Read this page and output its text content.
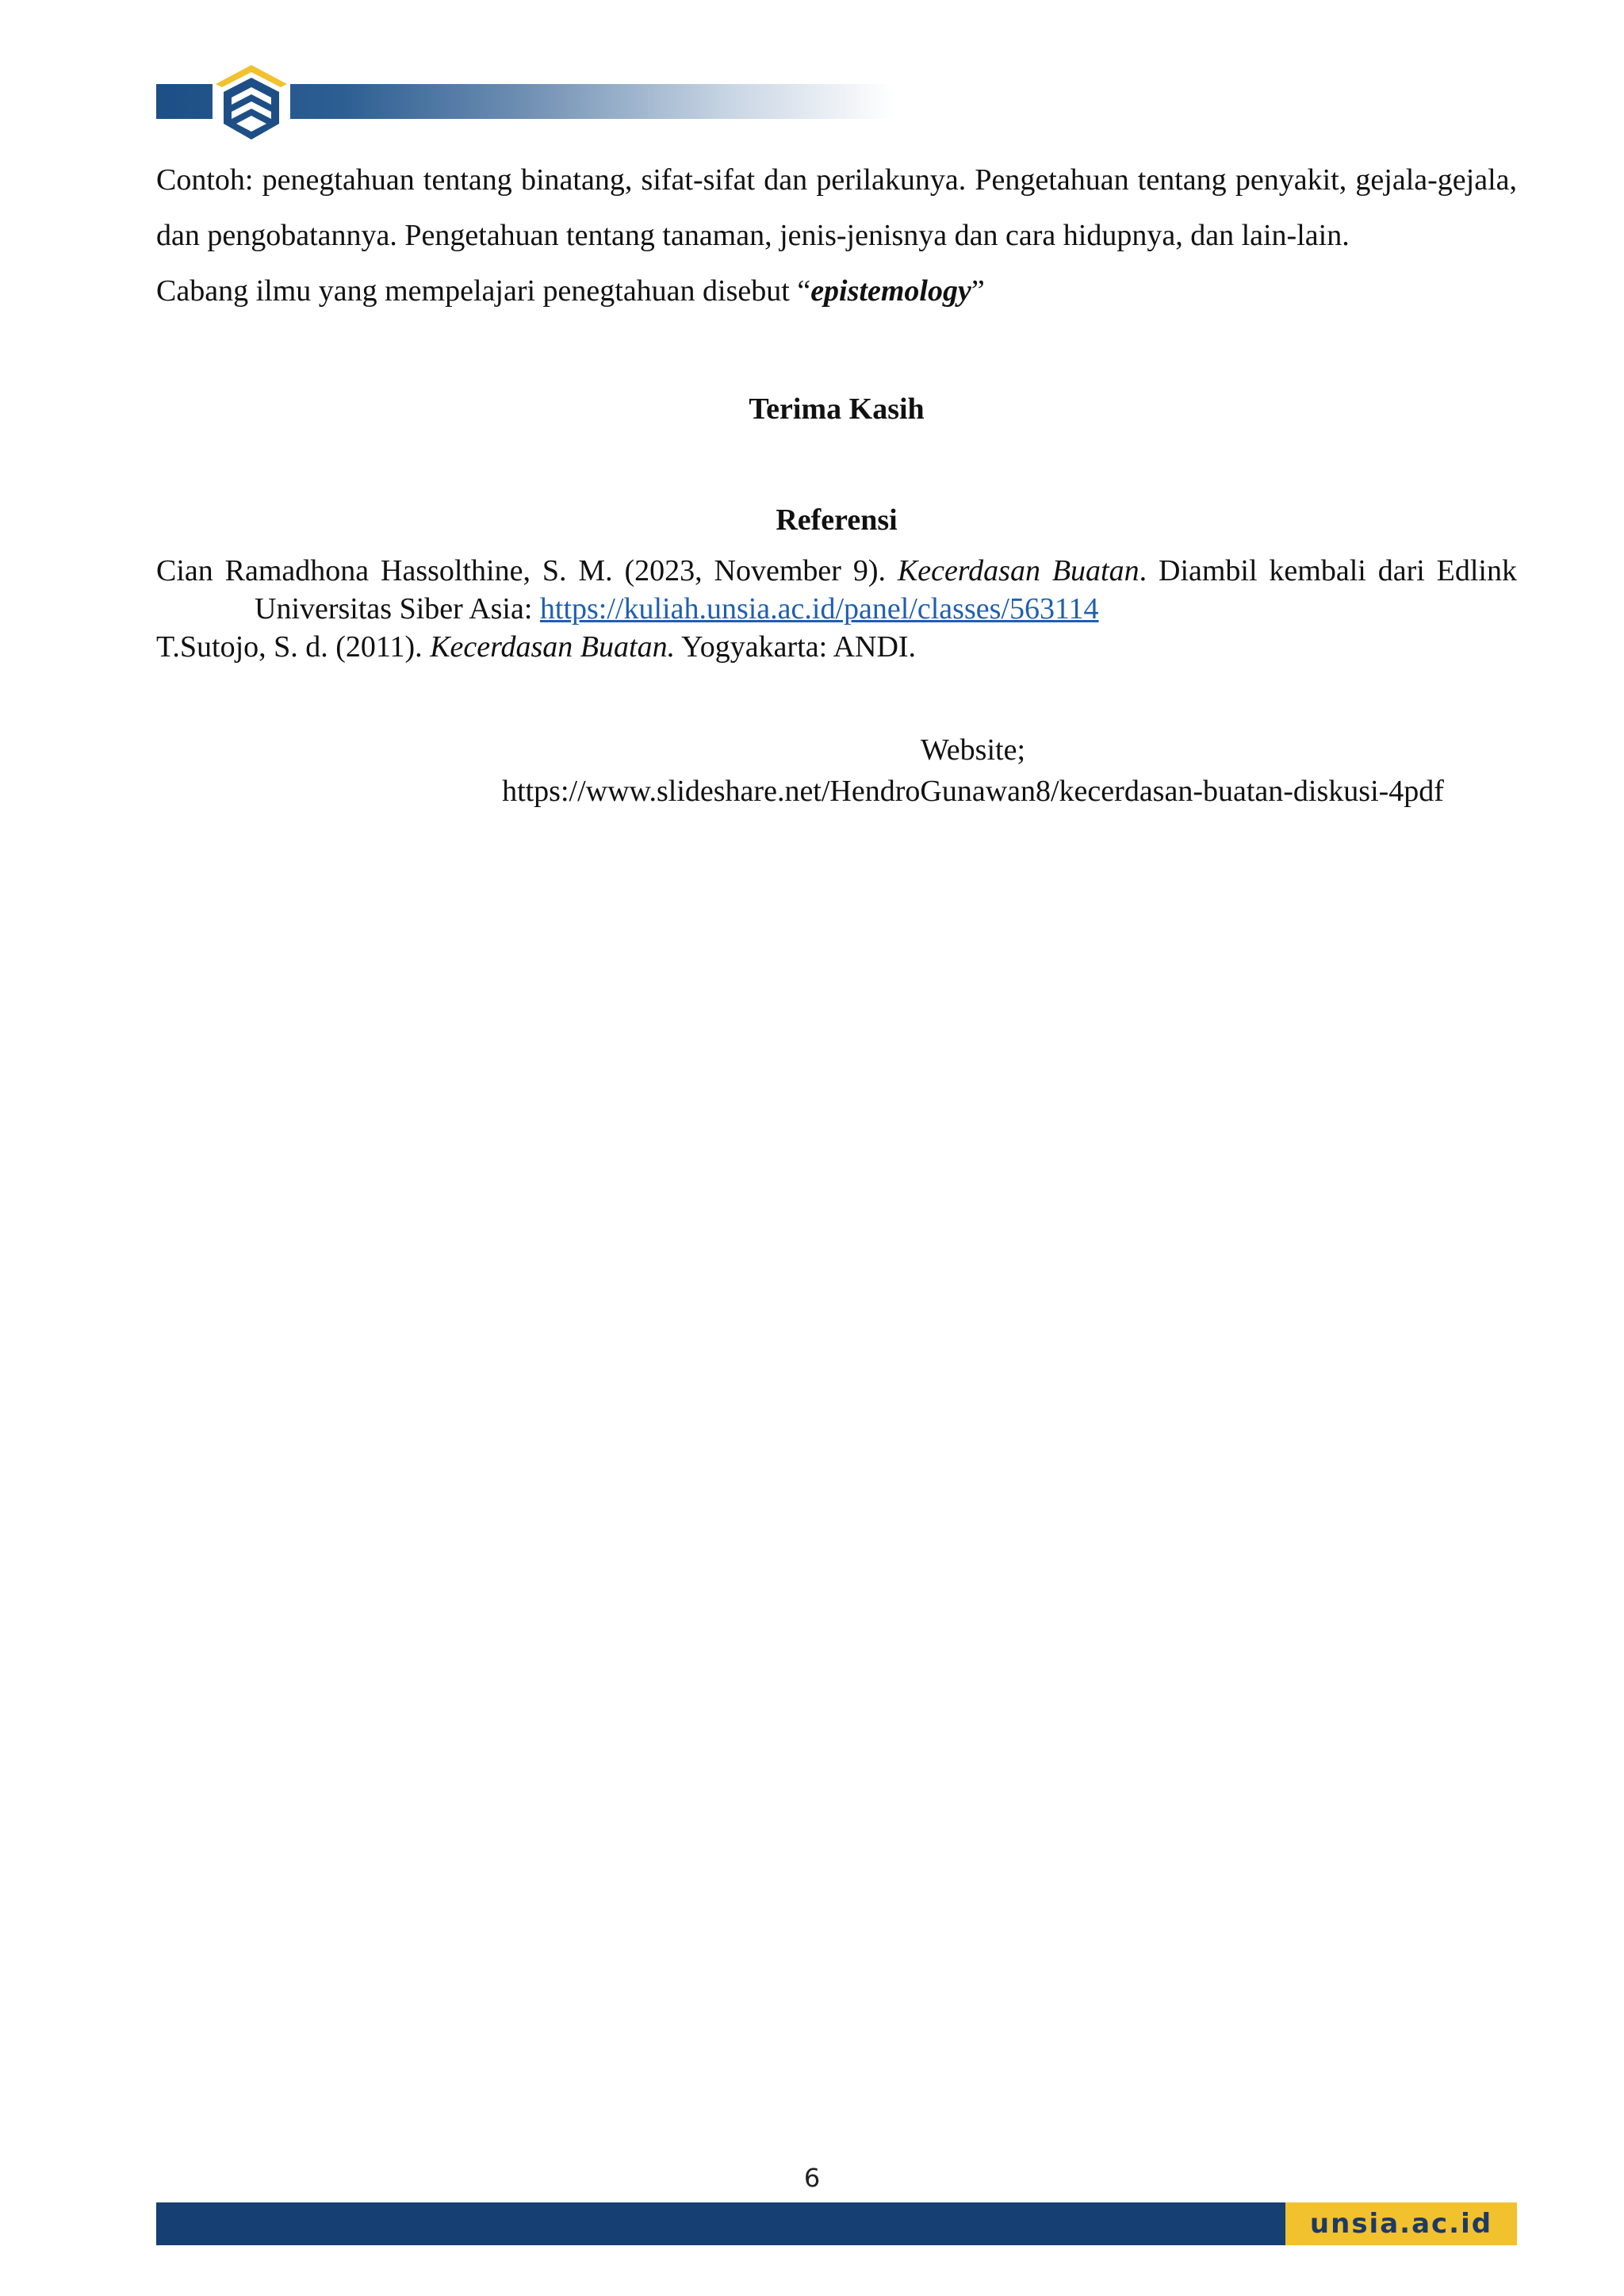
Contoh: penegtahuan tentang binatang, sifat-sifat dan perilakunya. Pengetahuan tentang penyakit, gejala-gejala, dan pengobatannya. Pengetahuan tentang tanaman, jenis-jenisnya dan cara hidupnya, dan lain-lain.

Cabang ilmu yang mempelajari penegtahuan disebut “epistemology”

Terima Kasih

Referensi

Cian Ramadhona Hassolthine, S. M. (2023, November 9). Kecerdasan Buatan. Diambil kembali dari Edlink Universitas Siber Asia: https://kuliah.unsia.ac.id/panel/classes/563114

T.Sutojo, S. d. (2011). Kecerdasan Buatan. Yogyakarta: ANDI.

Website;

https://www.slideshare.net/HendroGunawan8/kecerdasan-buatan-diskusi-4pdf

6
unsia.ac.id
